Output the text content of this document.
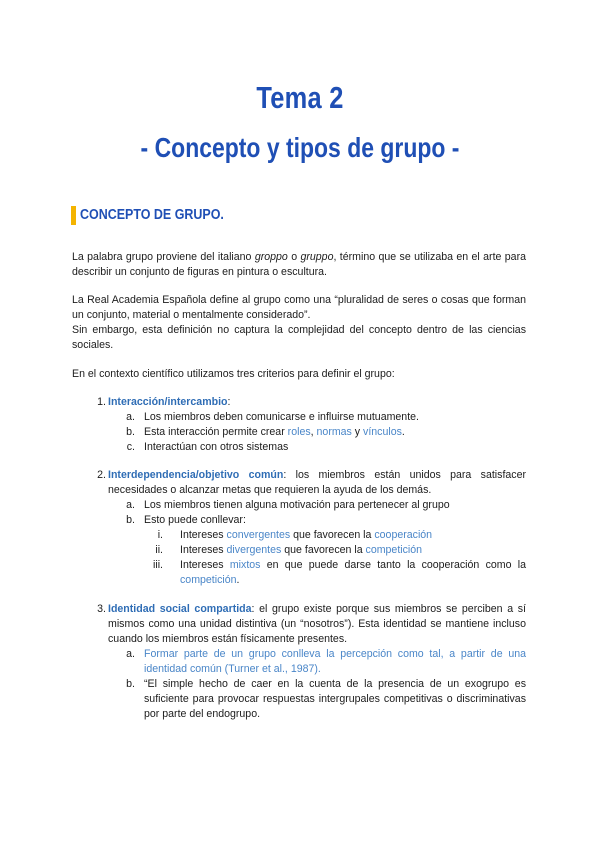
Tema 2
- Concepto y tipos de grupo -
CONCEPTO DE GRUPO.
La palabra grupo proviene del italiano groppo o gruppo, término que se utilizaba en el arte para describir un conjunto de figuras en pintura o escultura.
La Real Academia Española define al grupo como una “pluralidad de seres o cosas que forman un conjunto, material o mentalmente considerado”.
Sin embargo, esta definición no captura la complejidad del concepto dentro de las ciencias sociales.
En el contexto científico utilizamos tres criterios para definir el grupo:
1. Interacción/intercambio:
a. Los miembros deben comunicarse e influirse mutuamente.
b. Esta interacción permite crear roles, normas y vínculos.
c. Interactúan con otros sistemas
2. Interdependencia/objetivo común: los miembros están unidos para satisfacer necesidades o alcanzar metas que requieren la ayuda de los demás.
a. Los miembros tienen alguna motivación para pertenecer al grupo
b. Esto puede conllevar:
i. Intereses convergentes que favorecen la cooperación
ii. Intereses divergentes que favorecen la competición
iii. Intereses mixtos en que puede darse tanto la cooperación como la competición.
3. Identidad social compartida: el grupo existe porque sus miembros se perciben a sí mismos como una unidad distintiva (un “nosotros”). Esta identidad se mantiene incluso cuando los miembros están físicamente presentes.
a. Formar parte de un grupo conlleva la percepción como tal, a partir de una identidad común (Turner et al., 1987).
b. “El simple hecho de caer en la cuenta de la presencia de un exogrupo es suficiente para provocar respuestas intergrupales competitivas o discriminativas por parte del endogrupo.
